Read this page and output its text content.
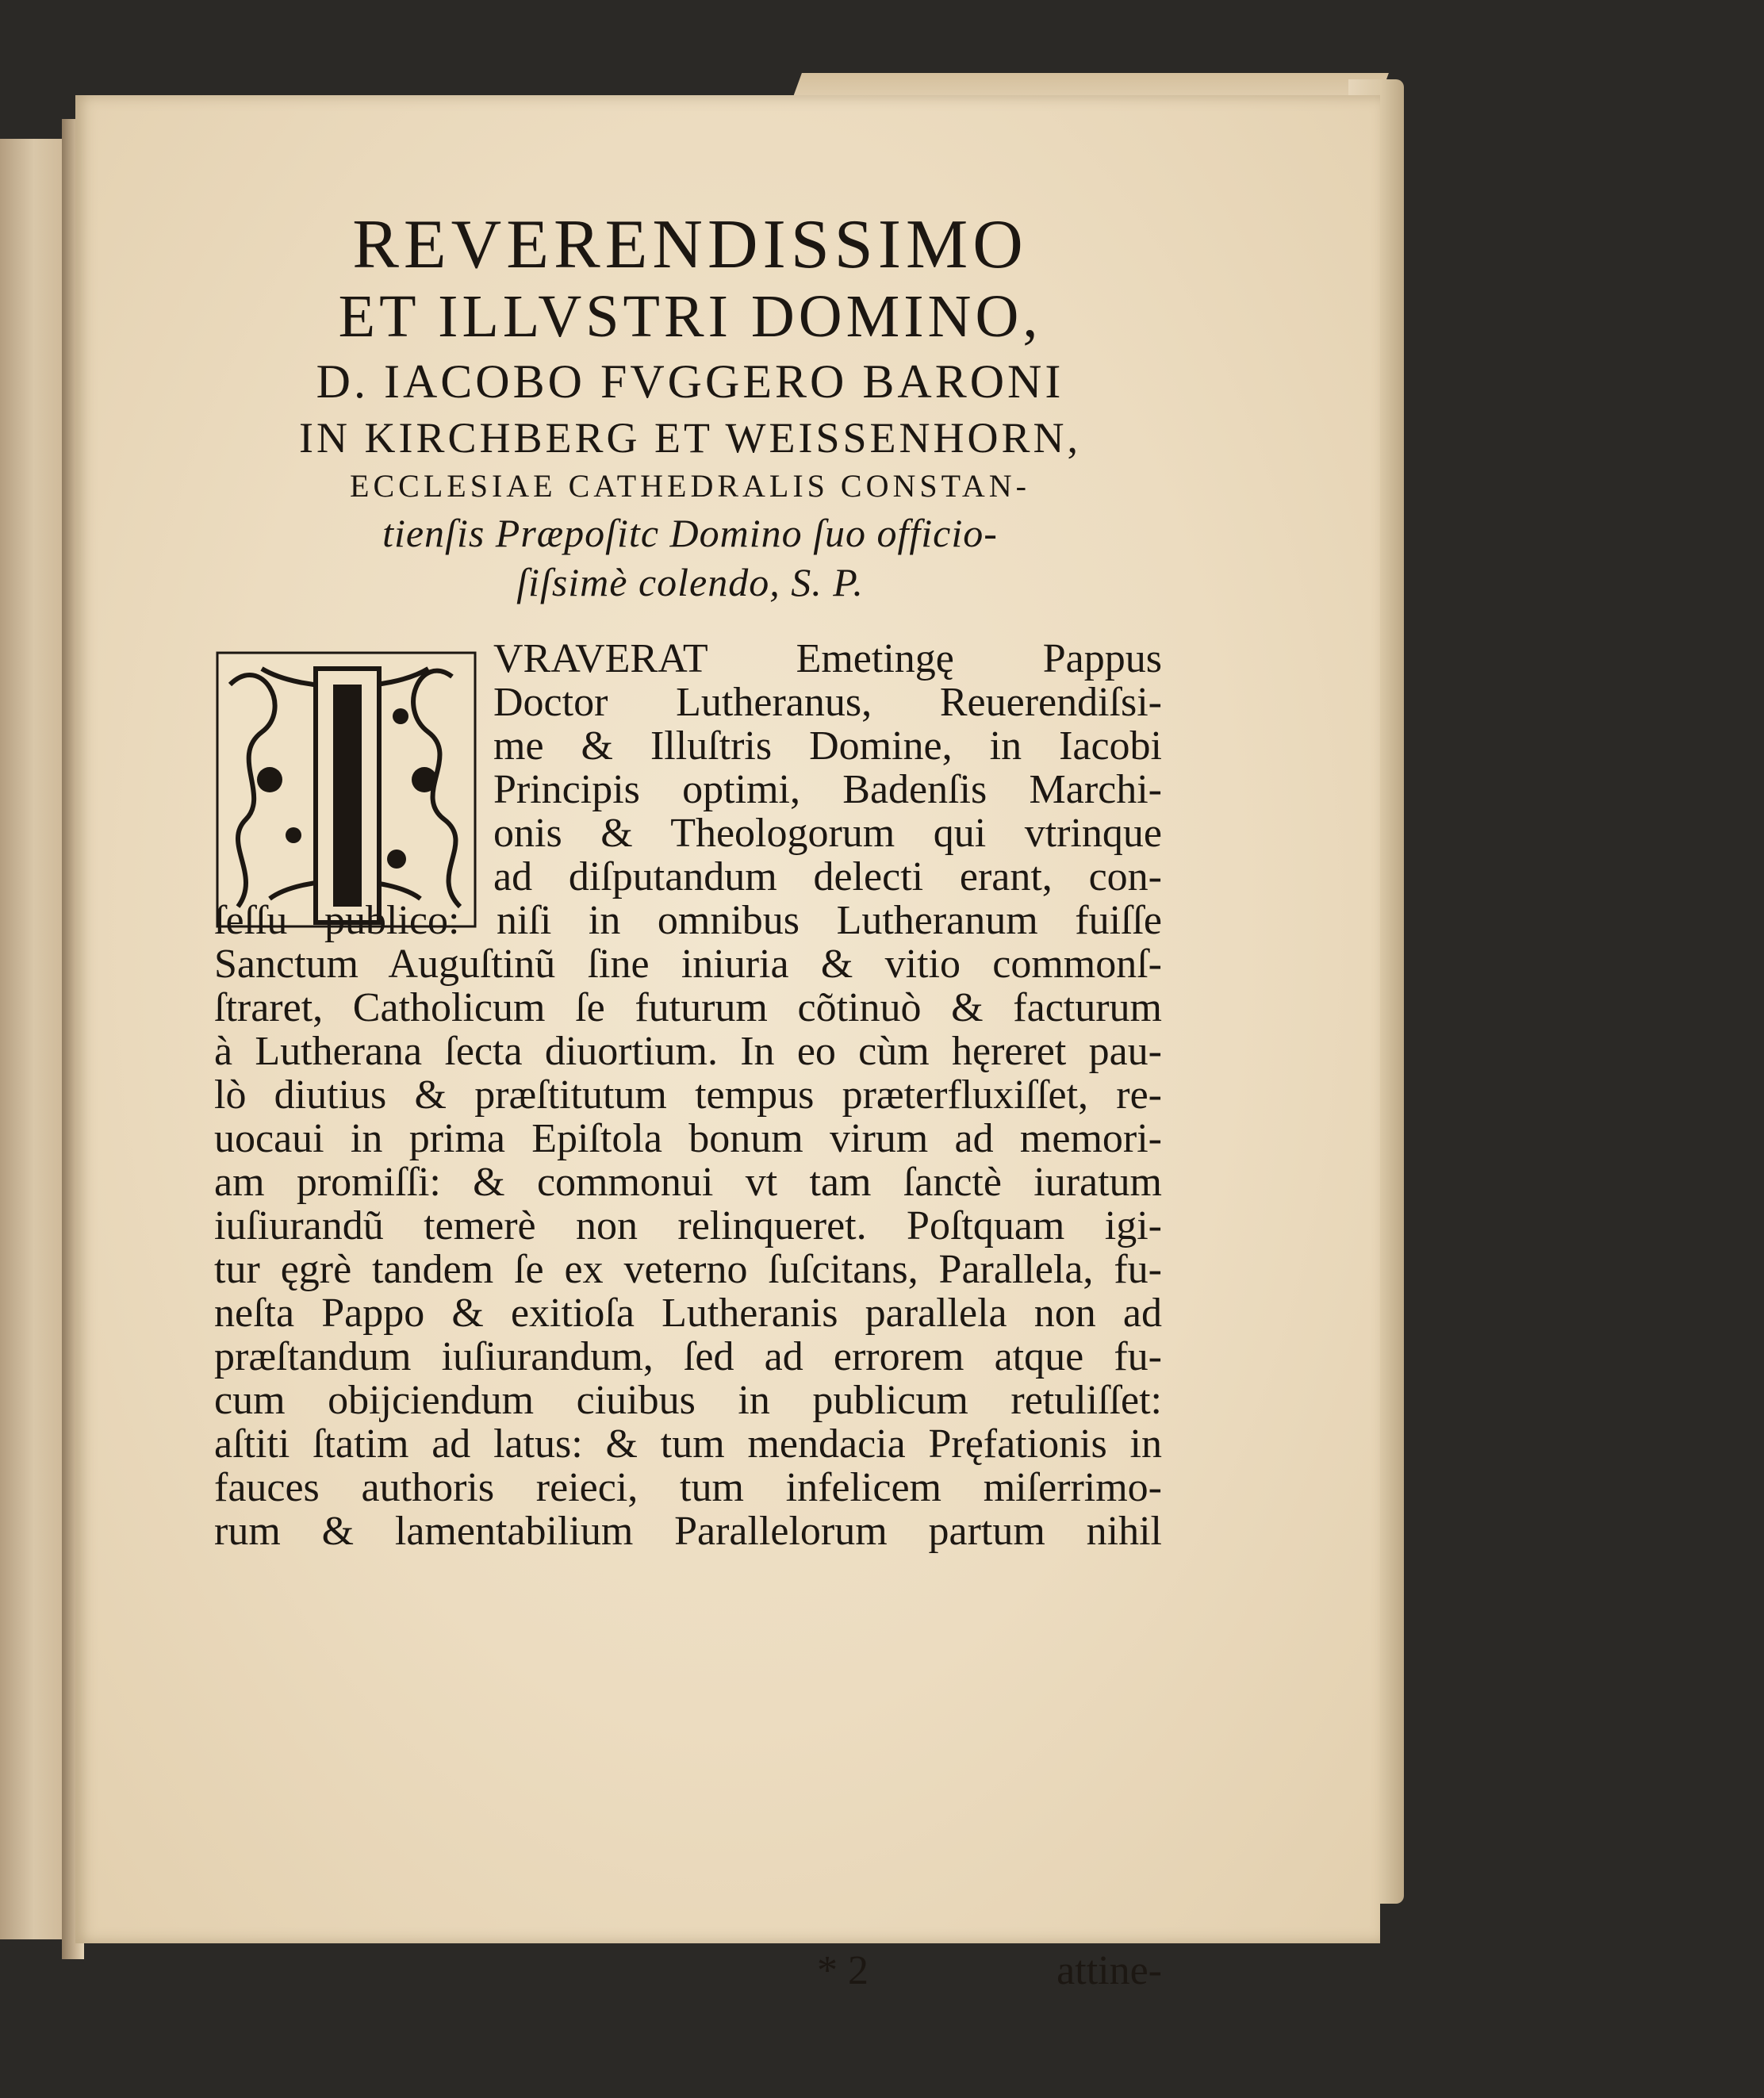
REVERENDISSIMO
ET ILLVSTRI DOMINO,
D. IACOBO FVGGERO BARONI
IN KIRCHBERG ET WEISSENHORN,
ECCLESIAE CATHEDRALIS CONSTAN-
tienſis Præpoſitc Domino ſuo officio-
ſiſsimè colendo, S. P.
VRAVERAT Emetingę Pappus
Doctor Lutheranus, Reuerendiſsi-
me & Illuſtris Domine, in Iacobi
Principis optimi, Badenſis Marchi-
onis & Theologorum qui vtrinque
ad diſputandum delecti erant, con-
ſeſſu publico: niſi in omnibus Lutheranum fuiſſe
Sanctum Auguſtinũ ſine iniuria & vitio commonſ-
ſtraret, Catholicum ſe futurum cõtinuò & facturum
à Lutherana ſecta diuortium. In eo cùm hęreret pau-
lò diutius & præſtitutum tempus præterfluxiſſet, re-
uocaui in prima Epiſtola bonum virum ad memori-
am promiſſi: & commonui vt tam ſanctè iuratum
iuſiurandũ temerè non relinqueret. Poſtquam igi-
tur ęgrè tandem ſe ex veterno ſuſcitans, Parallela, fu-
neſta Pappo & exitioſa Lutheranis parallela non ad
præſtandum iuſiurandum, ſed ad errorem atque fu-
cum obijciendum ciuibus in publicum retuliſſet:
aſtiti ſtatim ad latus: & tum mendacia Pręfationis in
fauces authoris reieci, tum infelicem miſerrimo-
rum & lamentabilium Parallelorum partum nihil
* 2	attine-
